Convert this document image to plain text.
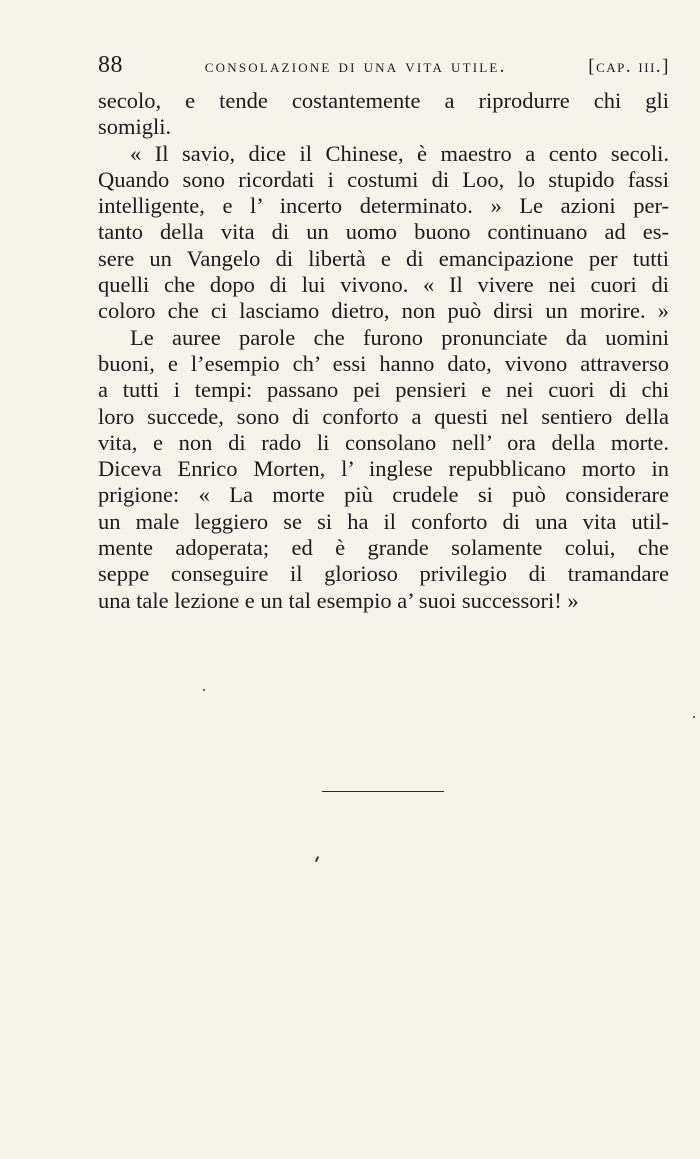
88	consolazione di una vita utile.	[cap. iii.]

secolo, e tende costantemente a riprodurre chi gli
somigli.

« Il savio, dice il Chinese, è maestro a cento secoli.
Quando sono ricordati i costumi di Loo, lo stupido fassi
intelligente, e l’ incerto determinato. » Le azioni per-
tanto della vita di un uomo buono continuano ad es-
sere un Vangelo di libertà e di emancipazione per tutti
quelli che dopo di lui vivono. « Il vivere nei cuori di
coloro che ci lasciamo dietro, non può dirsi un morire. »

Le auree parole che furono pronunciate da uomini
buoni, e l’esempio ch’ essi hanno dato, vivono attraverso
a tutti i tempi: passano pei pensieri e nei cuori di chi
loro succede, sono di conforto a questi nel sentiero della
vita, e non di rado li consolano nell’ ora della morte.
Diceva Enrico Morten, l’ inglese repubblicano morto in
prigione: « La morte più crudele si può considerare
un male leggiero se si ha il conforto di una vita util-
mente adoperata; ed è grande solamente colui, che
seppe conseguire il glorioso privilegio di tramandare
una tale lezione e un tal esempio a’ suoi successori! »
